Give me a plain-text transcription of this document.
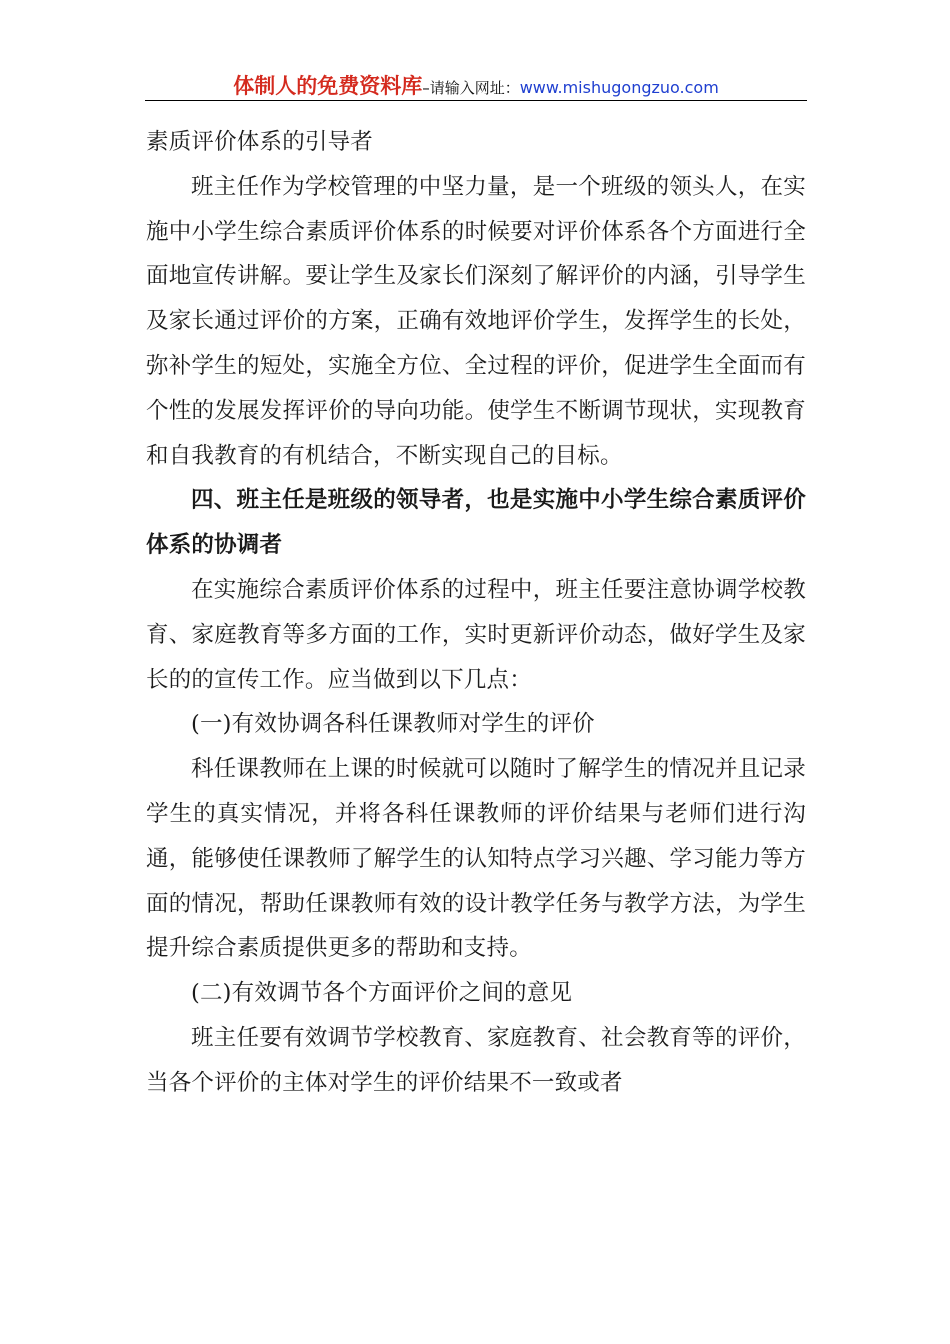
体制人的免费资料库–请输入网址：www.mishugongzuo.com

素质评价体系的引导者

班主任作为学校管理的中坚力量，是一个班级的领头人，在实施中小学生综合素质评价体系的时候要对评价体系各个方面进行全面地宣传讲解。要让学生及家长们深刻了解评价的内涵，引导学生及家长通过评价的方案，正确有效地评价学生，发挥学生的长处，弥补学生的短处，实施全方位、全过程的评价，促进学生全面而有个性的发展发挥评价的导向功能。使学生不断调节现状，实现教育和自我教育的有机结合，不断实现自己的目标。

四、班主任是班级的领导者，也是实施中小学生综合素质评价体系的协调者

在实施综合素质评价体系的过程中，班主任要注意协调学校教育、家庭教育等多方面的工作，实时更新评价动态，做好学生及家长的的宣传工作。应当做到以下几点：

(一)有效协调各科任课教师对学生的评价

科任课教师在上课的时候就可以随时了解学生的情况并且记录学生的真实情况，并将各科任课教师的评价结果与老师们进行沟通，能够使任课教师了解学生的认知特点学习兴趣、学习能力等方面的情况，帮助任课教师有效的设计教学任务与教学方法，为学生提升综合素质提供更多的帮助和支持。

(二)有效调节各个方面评价之间的意见

班主任要有效调节学校教育、家庭教育、社会教育等的评价，当各个评价的主体对学生的评价结果不一致或者
